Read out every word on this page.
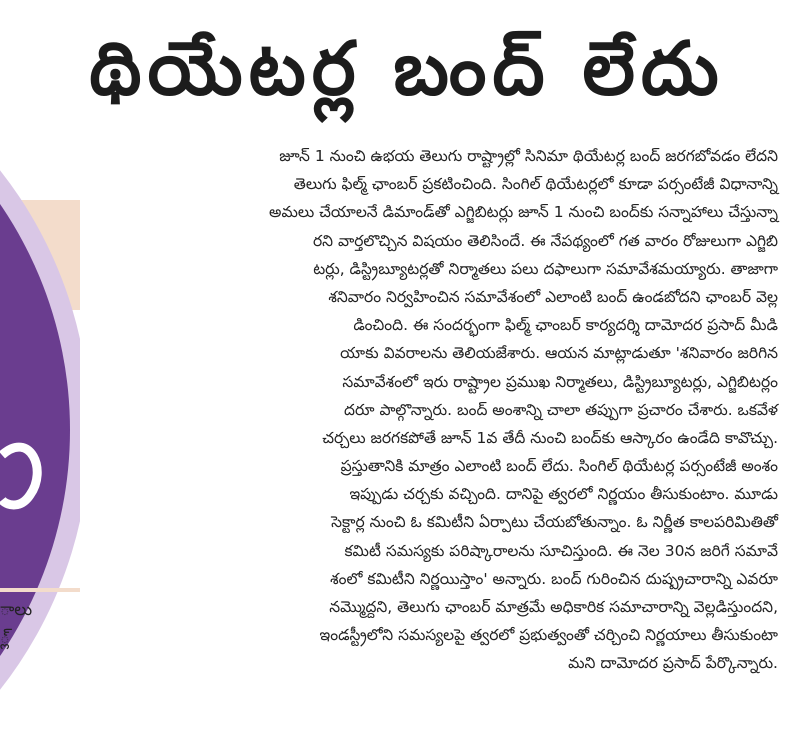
ాలు
్ల్
థియేటర్ల బంద్ లేదు
జూన్ 1 నుంచి ఉభయ తెలుగు రాష్ట్రాల్లో సినిమా థియేటర్ల బంద్ జరగబోవడం లేదని
తెలుగు ఫిల్మ్ ఛాంబర్ ప్రకటించింది. సింగిల్ థియేటర్లలో కూడా పర్సంటేజీ విధానాన్ని
అమలు చేయాలనే డిమాండ్‌తో ఎగ్జిబిటర్లు జూన్ 1 నుంచి బంద్‌కు సన్నాహాలు చేస్తున్నా
రని వార్తలొచ్చిన విషయం తెలిసిందే. ఈ నేపథ్యంలో గత వారం రోజులుగా ఎగ్జిబి
టర్లు, డిస్ట్రిబ్యూటర్లతో నిర్మాతలు పలు దఫాలుగా సమావేశమయ్యారు. తాజాగా
శనివారం నిర్వహించిన సమావేశంలో ఎలాంటి బంద్ ఉండబోదని ఛాంబర్ వెల్ల
డించింది. ఈ సందర్భంగా ఫిల్మ్ ఛాంబర్ కార్యదర్శి దామోదర ప్రసాద్ మీడి
యాకు వివరాలను తెలియజేశారు. ఆయన మాట్లాడుతూ 'శనివారం జరిగిన
సమావేశంలో ఇరు రాష్ట్రాల ప్రముఖ నిర్మాతలు, డిస్ట్రిబ్యూటర్లు, ఎగ్జిబిటర్లం
దరూ పాల్గొన్నారు. బంద్ అంశాన్ని చాలా తప్పుగా ప్రచారం చేశారు. ఒకవేళ
చర్చలు జరగకపోతే జూన్ 1వ తేదీ నుంచి బంద్‌కు ఆస్కారం ఉండేది కావొచ్చు.
ప్రస్తుతానికి మాత్రం ఎలాంటి బంద్ లేదు. సింగిల్ థియేటర్ల పర్సంటేజీ అంశం
ఇప్పుడు చర్చకు వచ్చింది. దానిపై త్వరలో నిర్ణయం తీసుకుంటాం. మూడు
సెక్టార్ల నుంచి ఓ కమిటీని ఏర్పాటు చేయబోతున్నాం. ఓ నిర్ణీత కాలపరిమితితో
కమిటీ సమస్యకు పరిష్కారాలను సూచిస్తుంది. ఈ నెల 30న జరిగే సమావే
శంలో కమిటీని నిర్ణయిస్తాం' అన్నారు. బంద్ గురించిన దుష్ప్రచారాన్ని ఎవరూ
నమ్మొద్దని, తెలుగు ఛాంబర్ మాత్రమే అధికారిక సమాచారాన్ని వెల్లడిస్తుందని,
ఇండస్ట్రీలోని సమస్యలపై త్వరలో ప్రభుత్వంతో చర్చించి నిర్ణయాలు తీసుకుంటా
మని దామోదర ప్రసాద్ పేర్కొన్నారు.
